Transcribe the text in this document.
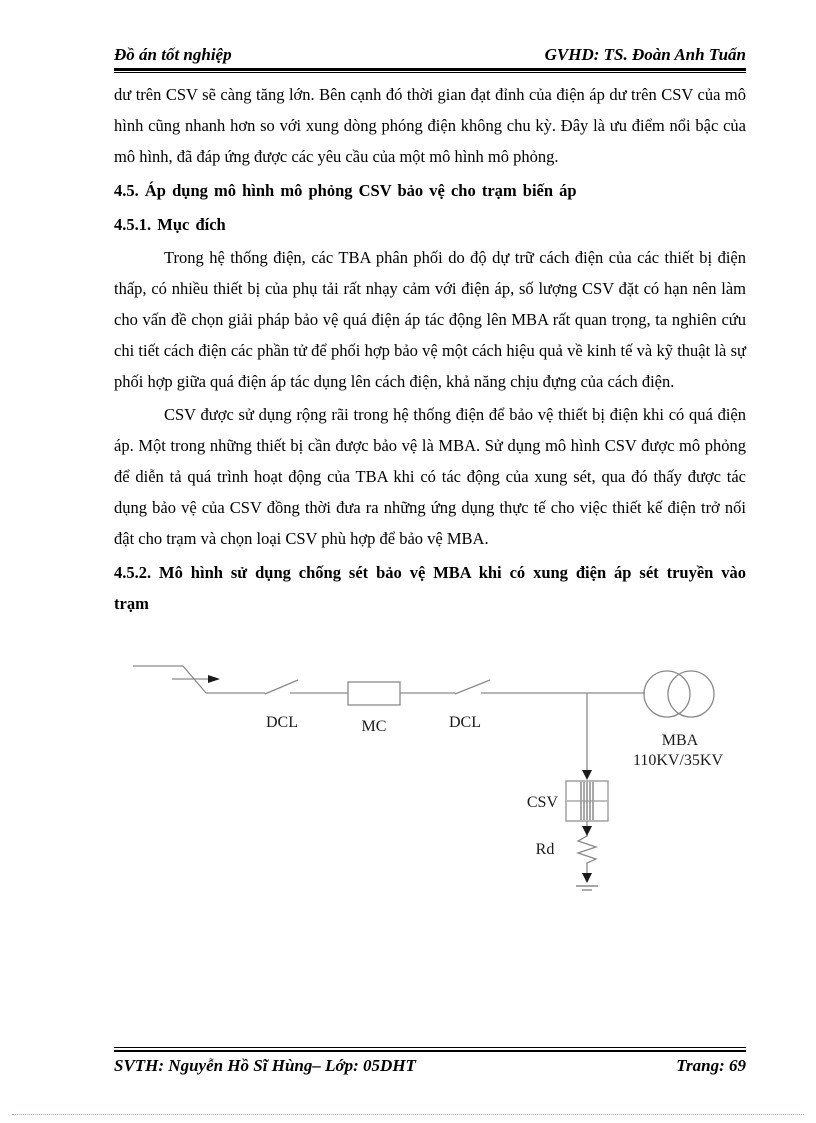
Đồ án tốt nghiệp	GVHD: TS. Đoàn Anh Tuấn

dư trên CSV sẽ càng tăng lớn. Bên cạnh đó thời gian đạt đỉnh của điện áp dư trên CSV của mô hình cũng nhanh hơn so với xung dòng phóng điện không chu kỳ. Đây là ưu điểm nổi bậc của mô hình, đã đáp ứng được các yêu cầu của một mô hình mô phỏng.

4.5. Áp dụng mô hình mô phỏng CSV bảo vệ cho trạm biến áp

4.5.1. Mục đích

Trong hệ thống điện, các TBA phân phối do độ dự trữ cách điện của các thiết bị điện thấp, có nhiều thiết bị của phụ tải rất nhạy cảm với điện áp, số lượng CSV đặt có hạn nên làm cho vấn đề chọn giải pháp bảo vệ quá điện áp tác động lên MBA rất quan trọng, ta nghiên cứu chi tiết cách điện các phần tử để phối hợp bảo vệ một cách hiệu quả về kinh tế và kỹ thuật là sự phối hợp giữa quá điện áp tác dụng lên cách điện, khả năng chịu đựng của cách điện.

CSV được sử dụng rộng rãi trong hệ thống điện để bảo vệ thiết bị điện khi có quá điện áp. Một trong những thiết bị cần được bảo vệ là MBA. Sử dụng mô hình CSV được mô phỏng để diễn tả quá trình hoạt động của TBA khi có tác động của xung sét, qua đó thấy được tác dụng bảo vệ của CSV đồng thời đưa ra những ứng dụng thực tế cho việc thiết kế điện trở nối đật cho trạm và chọn loại CSV phù hợp để bảo vệ MBA.

4.5.2. Mô hình sử dụng chống sét bảo vệ MBA khi có xung điện áp sét truyền vào trạm

DCL	MC	DCL
MBA
110KV/35KV
CSV
Rd
SVTH: Nguyễn Hồ Sĩ Hùng– Lớp: 05DHT	Trang: 69
